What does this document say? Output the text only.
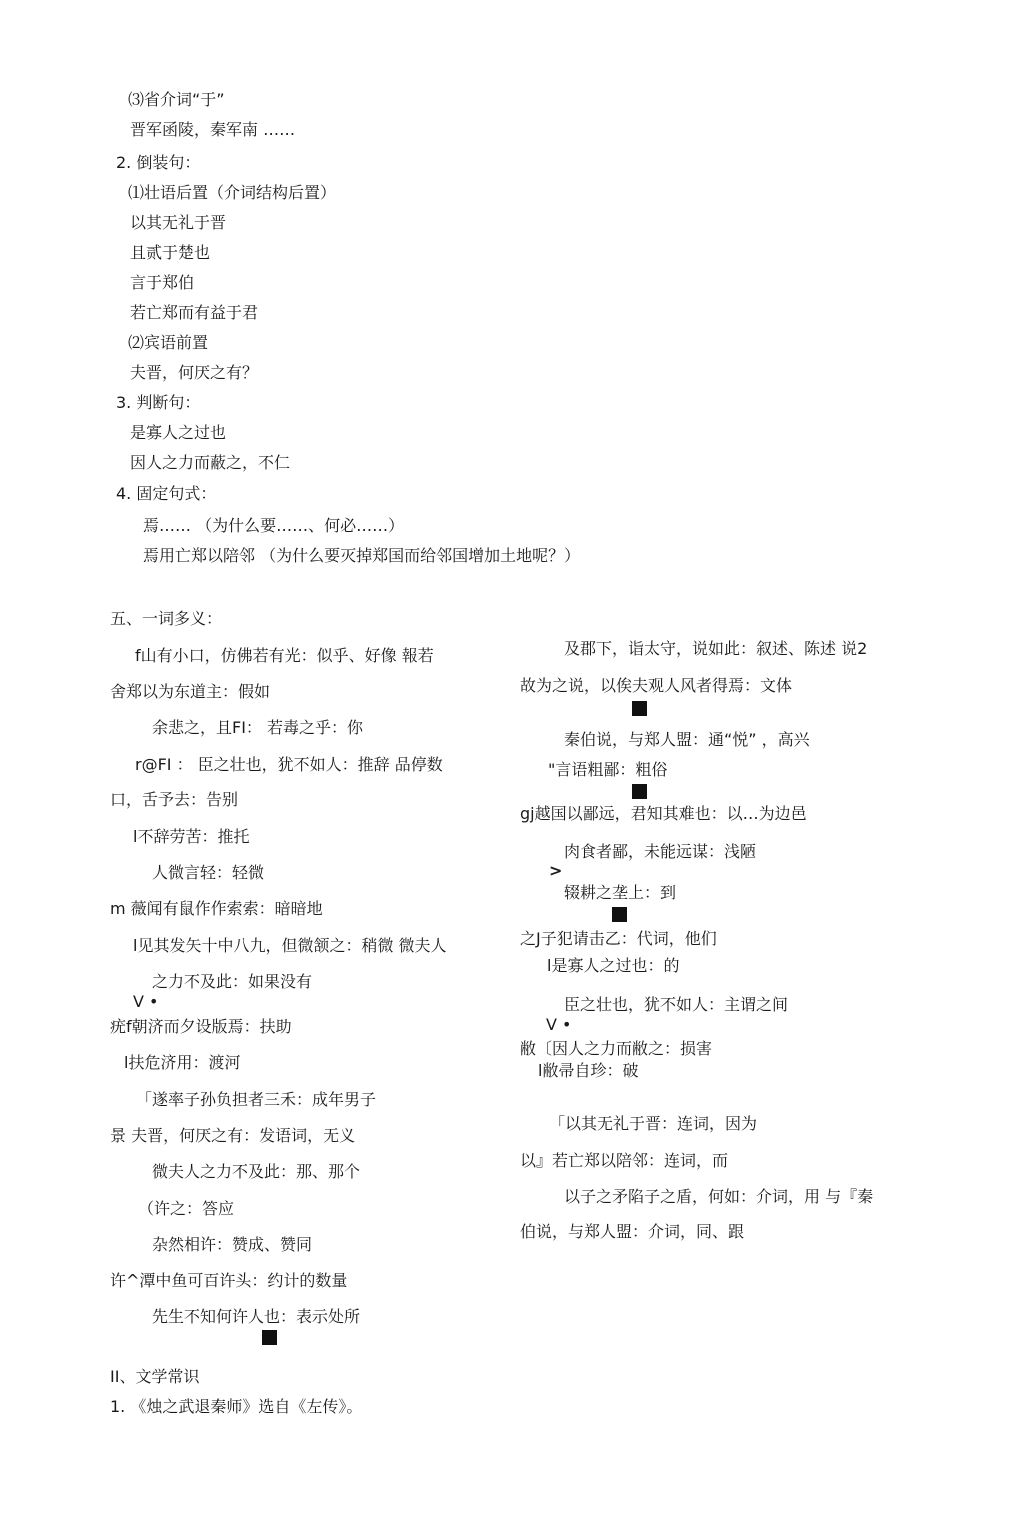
⑶省介词“于”
晋军函陵，秦军南 ……
2. 倒装句：
⑴壮语后置（介词结构后置）
以其无礼于晋
且贰于楚也
言于郑伯
若亡郑而有益于君
⑵宾语前置
夫晋，何厌之有？
3. 判断句：
是寡人之过也
因人之力而蔽之，不仁
4. 固定句式：
焉…… （为什么要……、何必……）
焉用亡郑以陪邻 （为什么要灭掉郑国而给邻国增加土地呢？）
五、一词多义：
f山有小口，仿佛若有光：似乎、好像 報若
舍郑以为东道主：假如
余悲之，且FI： 若毒之乎：你
r@FI ： 臣之壮也，犹不如人：推辞 品停数
口，舌予去：告别
l不辞劳苦：推托
人微言轻：轻微
m 薇闻有鼠作作索索：暗暗地
l见其发矢十中八九，但微颔之：稍微 微夫人
之力不及此：如果没有
V •
疣f朝济而夕设版焉：扶助
l扶危济用：渡河
「遂率子孙负担者三禾：成年男子
景 夫晋，何厌之有：发语词，无义
微夫人之力不及此：那、那个
（许之：答应
杂然相许：赞成、赞同
许^潭中鱼可百许头：约计的数量
先生不知何许人也：表示处所
及郡下，诣太守，说如此：叙述、陈述 说2
故为之说，以俟夫观人风者得焉：文体
秦伯说，与郑人盟：通“悦” ，高兴
"言语粗鄙：粗俗
gj越国以鄙远，君知其难也：以…为边邑
肉食者鄙，未能远谋：浅陋
>
辍耕之垄上：到
之J子犯请击乙：代词，他们
l是寡人之过也：的
臣之壮也，犹不如人：主谓之间
V •
敝〔因人之力而敝之：损害
l敝帚自珍：破
「以其无礼于晋：连词，因为
以』若亡郑以陪邻：连词，而
以子之矛陷子之盾，何如：介词，用 与『秦
伯说，与郑人盟：介词，同、跟
II、文学常识
1. 《烛之武退秦师》选自《左传》。
